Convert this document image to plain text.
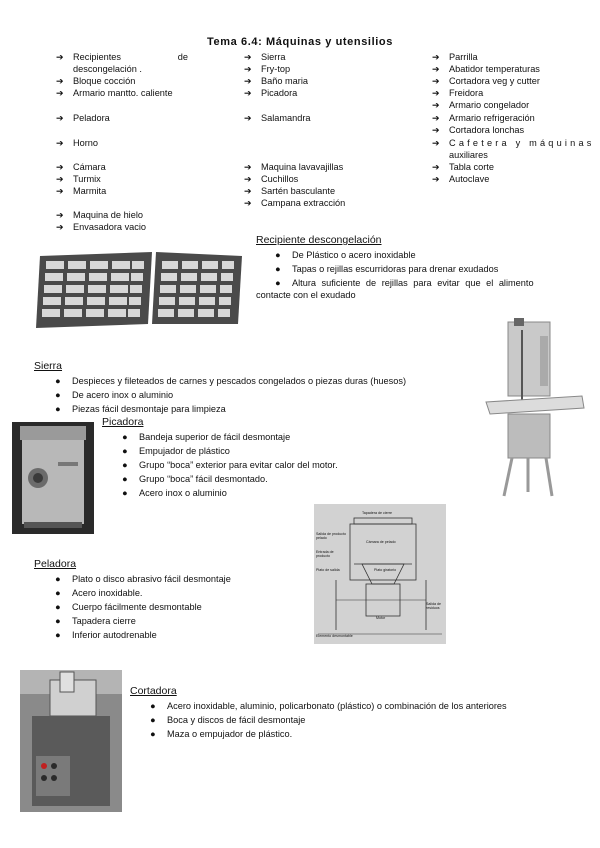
Tema 6.4: Máquinas y utensilios
➔ Recipientes	de
descongelación .
➔ Bloque cocción
➔ Armario mantto. caliente
➔ Peladora
➔ Horno
➔ Cámara
➔ Turmix
➔ Marmita
➔ Maquina de hielo
➔ Envasadora vacio
➔ Sierra
➔ Fry-top
➔ Baño maria
➔ Picadora
➔ Salamandra
➔ Maquina lavavajillas
➔ Cuchillos
➔ Sartén basculante
➔ Campana extracción
➔ Parrilla
➔ Abatidor temperaturas
➔ Cortadora veg y cutter
➔ Freidora
➔ Armario congelador
➔ Armario refrigeración
➔ Cortadora lonchas
➔ Cafetera y máquinas
auxiliares
➔ Tabla corte
➔ Autoclave
Recipiente descongelación
● De Plástico o acero inoxidable
● Tapas o rejillas escurridoras para drenar exudados
● Altura suficiente de rejillas para evitar que el alimento
contacte con el exudado
Sierra
● Despieces y fileteados de carnes y pescados congelados o piezas duras (huesos)
● De acero inox o aluminio
● Piezas fácil desmontaje para limpieza
Picadora
● Bandeja superior de fácil desmontaje
● Empujador de plástico
● Grupo “boca” exterior para evitar calor del motor.
● Grupo “boca” fácil desmontado.
● Acero inox o aluminio
Tapadera de cierre
Cámara de pelado
Plato giratorio
Salida de residuos
Motor
Salida de producto pelado
Entrada de producto
Plato de salida
Elemento desmontable
Peladora
● Plato o disco abrasivo fácil desmontaje
● Acero inoxidable.
● Cuerpo fácilmente desmontable
● Tapadera cierre
● Inferior autodrenable
Cortadora
● Acero inoxidable, aluminio, policarbonato (plástico) o combinación de los anteriores
● Boca y discos de fácil desmontaje
● Maza o empujador de plástico.
